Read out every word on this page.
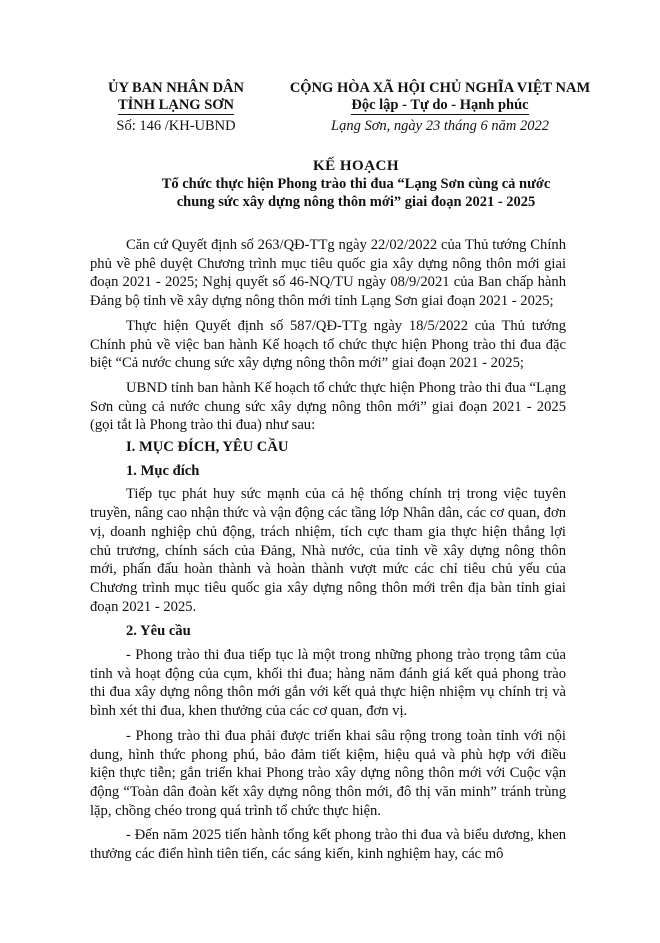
ỦY BAN NHÂN DÂN
TỈNH LẠNG SƠN
CỘNG HÒA XÃ HỘI CHỦ NGHĨA VIỆT NAM
Độc lập - Tự do - Hạnh phúc
Số: 146 /KH-UBND	Lạng Sơn, ngày 23 tháng 6 năm 2022
KẾ HOẠCH
Tổ chức thực hiện Phong trào thi đua “Lạng Sơn cùng cả nước
chung sức xây dựng nông thôn mới” giai đoạn 2021 - 2025

Căn cứ Quyết định số 263/QĐ-TTg ngày 22/02/2022 của Thủ tướng Chính phủ về phê duyệt Chương trình mục tiêu quốc gia xây dựng nông thôn mới giai đoạn 2021 - 2025; Nghị quyết số 46-NQ/TU ngày 08/9/2021 của Ban chấp hành Đảng bộ tỉnh về xây dựng nông thôn mới tỉnh Lạng Sơn giai đoạn 2021 - 2025;

Thực hiện Quyết định số 587/QĐ-TTg ngày 18/5/2022 của Thủ tướng Chính phủ về việc ban hành Kế hoạch tổ chức thực hiện Phong trào thi đua đặc biệt “Cả nước chung sức xây dựng nông thôn mới” giai đoạn 2021 - 2025;

UBND tỉnh ban hành Kế hoạch tổ chức thực hiện Phong trào thi đua “Lạng Sơn cùng cả nước chung sức xây dựng nông thôn mới” giai đoạn 2021 - 2025 (gọi tắt là Phong trào thi đua) như sau:

I. MỤC ĐÍCH, YÊU CẦU
1. Mục đích

Tiếp tục phát huy sức mạnh của cả hệ thống chính trị trong việc tuyên truyền, nâng cao nhận thức và vận động các tầng lớp Nhân dân, các cơ quan, đơn vị, doanh nghiệp chủ động, trách nhiệm, tích cực tham gia thực hiện thắng lợi chủ trương, chính sách của Đảng, Nhà nước, của tỉnh về xây dựng nông thôn mới, phấn đấu hoàn thành và hoàn thành vượt mức các chỉ tiêu chủ yếu của Chương trình mục tiêu quốc gia xây dựng nông thôn mới trên địa bàn tỉnh giai đoạn 2021 - 2025.

2. Yêu cầu

- Phong trào thi đua tiếp tục là một trong những phong trào trọng tâm của tỉnh và hoạt động của cụm, khối thi đua; hàng năm đánh giá kết quả phong trào thi đua xây dựng nông thôn mới gắn với kết quả thực hiện nhiệm vụ chính trị và bình xét thi đua, khen thưởng của các cơ quan, đơn vị.

- Phong trào thi đua phải được triển khai sâu rộng trong toàn tỉnh với nội dung, hình thức phong phú, bảo đảm tiết kiệm, hiệu quả và phù hợp với điều kiện thực tiễn; gắn triển khai Phong trào xây dựng nông thôn mới với Cuộc vận động “Toàn dân đoàn kết xây dựng nông thôn mới, đô thị văn minh” tránh trùng lặp, chồng chéo trong quá trình tổ chức thực hiện.

- Đến năm 2025 tiến hành tổng kết phong trào thi đua và biểu dương, khen thưởng các điển hình tiên tiến, các sáng kiến, kinh nghiệm hay, các mô
